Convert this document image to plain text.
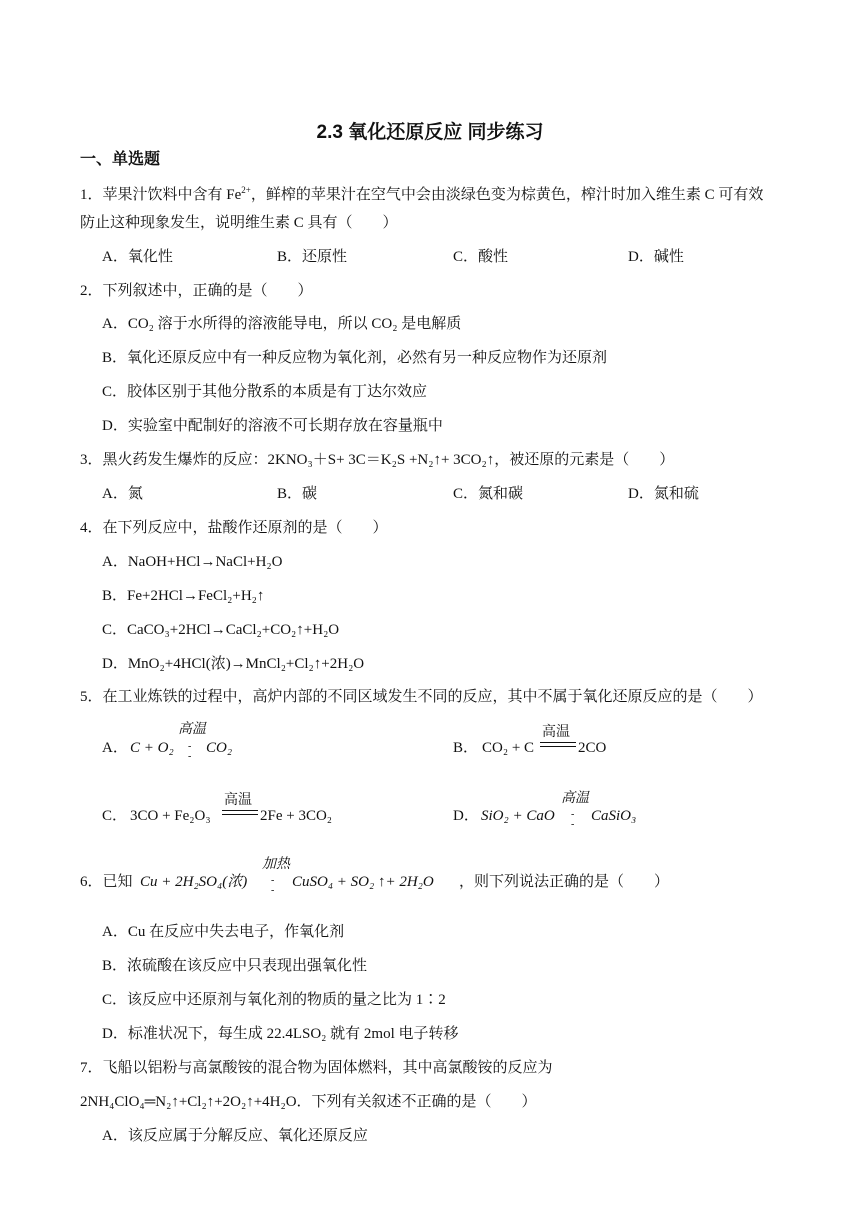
2.3 氧化还原反应 同步练习
一、单选题
1．苹果汁饮料中含有 $Fe^{2+}$，鲜榨的苹果汁在空气中会由淡绿色变为棕黄色，榨汁时加入维生素 C 可有效
防止这种现象发生，说明维生素 C 具有（　　）
A．氧化性	B．还原性	C．酸性	D．碱性
2．下列叙述中，正确的是（　　）
A．CO₂ 溶于水所得的溶液能导电，所以 CO₂ 是电解质
B．氧化还原反应中有一种反应物为氧化剂，必然有另一种反应物作为还原剂
C．胶体区别于其他分散系的本质是有丁达尔效应
D．实验室中配制好的溶液不可长期存放在容量瓶中
3．黑火药发生爆炸的反应：2KNO₃＋S+ 3C＝K₂S +N₂↑+ 3CO₂↑，被还原的元素是（　　）
A．氮	B．碳	C．氮和碳	D．氮和硫
4．在下列反应中，盐酸作还原剂的是（　　）
A．NaOH+HCl→NaCl+H₂O
B．Fe+2HCl→FeCl₂+H₂↑
C．CaCO₃+2HCl→CaCl₂+CO₂↑+H₂O
D．MnO₂+4HCl(浓)→MnCl₂+Cl₂↑+2H₂O
5．在工业炼铁的过程中，高炉内部的不同区域发生不同的反应，其中不属于氧化还原反应的是（　　）
A． C + O₂
高温
-
-
CO₂	B． CO₂ + C
高温
2CO
C． 3CO + Fe₂O₃
高温
2Fe + 3CO₂	D． SiO₂ + CaO
高温
-
-
CaSiO₃
6．已知 Cu + 2H₂SO₄(浓)
加热
-
-
CuSO₄ + SO₂ ↑+ 2H₂O ，则下列说法正确的是（　　）
A．Cu 在反应中失去电子，作氧化剂
B．浓硫酸在该反应中只表现出强氧化性
C．该反应中还原剂与氧化剂的物质的量之比为 1∶2
D．标准状况下，每生成 22.4LSO₂ 就有 2mol 电子转移
7．飞船以铝粉与高氯酸铵的混合物为固体燃料，其中高氯酸铵的反应为
2NH₄ClO₄═N₂↑+Cl₂↑+2O₂↑+4H₂O．下列有关叙述不正确的是（　　）
A．该反应属于分解反应、氧化还原反应
